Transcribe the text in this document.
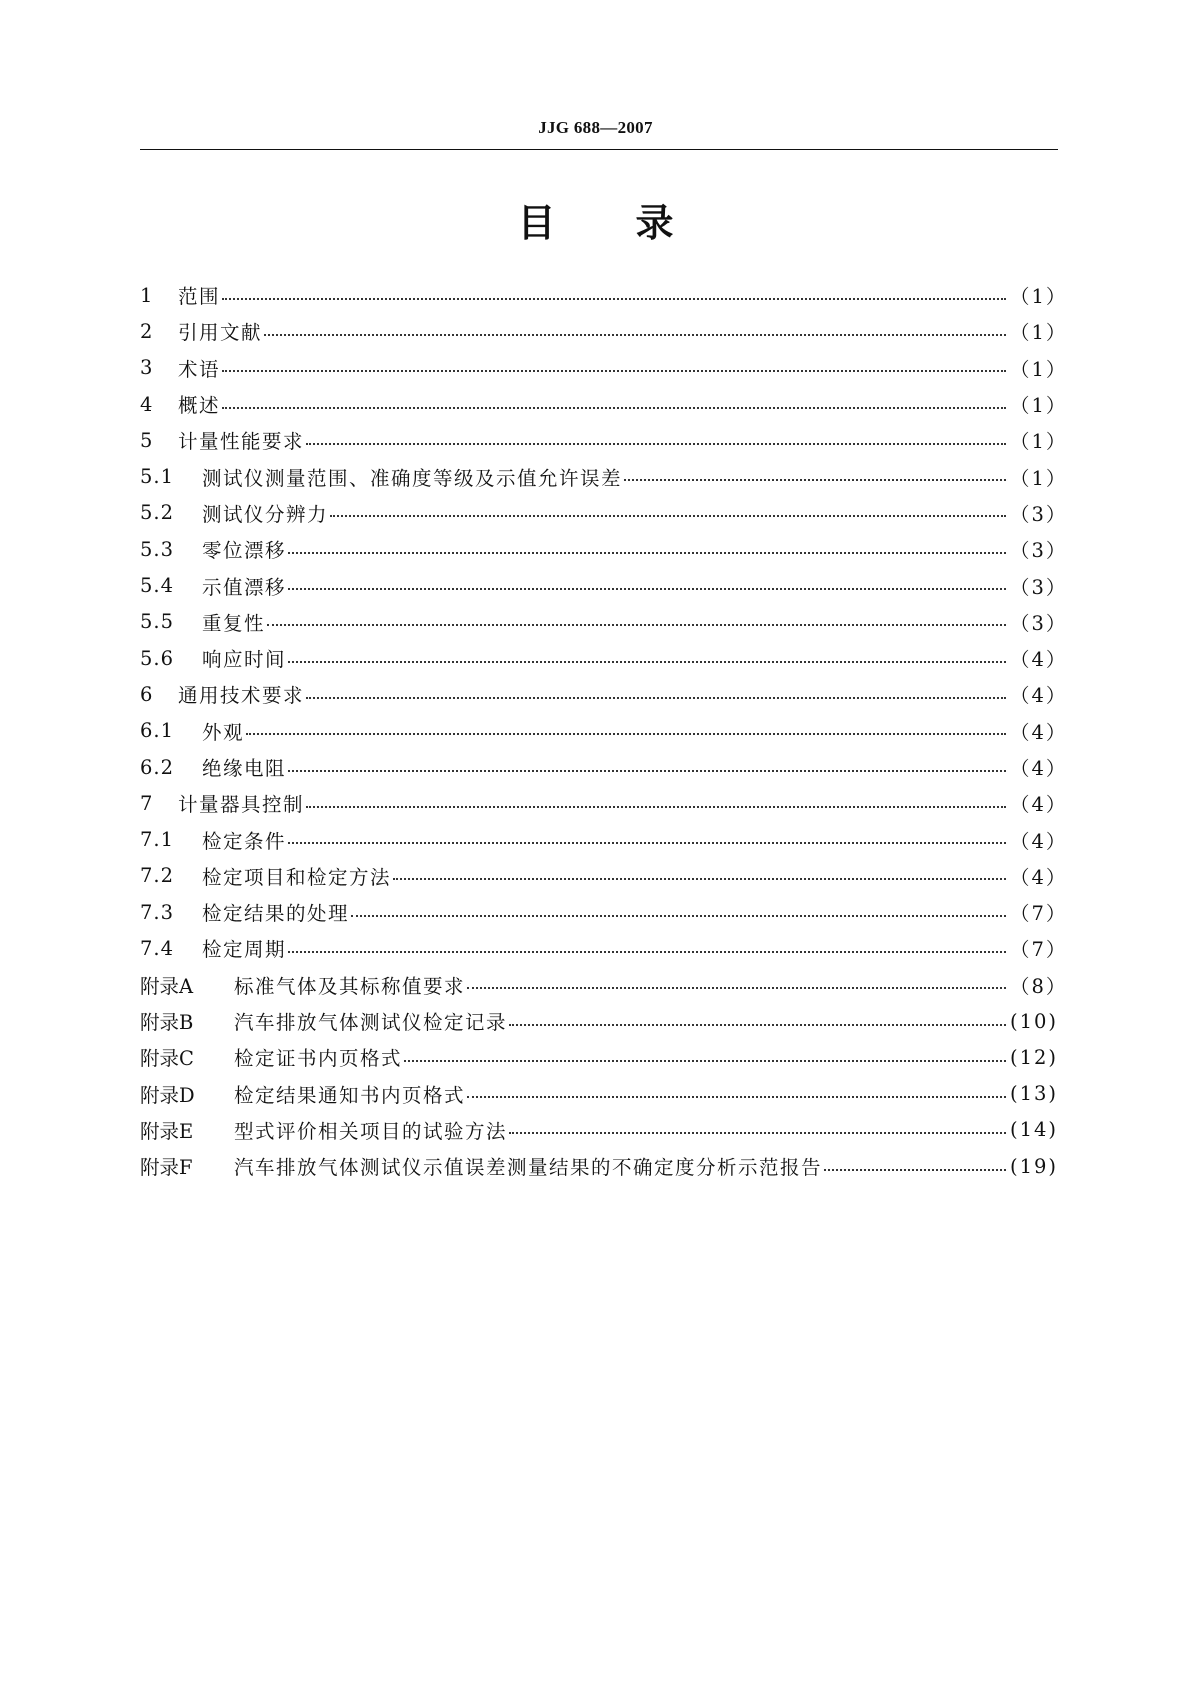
JJG 688—2007
目 录
1	范围	（1）
2	引用文献	（1）
3	术语	（1）
4	概述	（1）
5	计量性能要求	（1）
5.1	测试仪测量范围、准确度等级及示值允许误差	（1）
5.2	测试仪分辨力	（3）
5.3	零位漂移	（3）
5.4	示值漂移	（3）
5.5	重复性	（3）
5.6	响应时间	（4）
6	通用技术要求	（4）
6.1	外观	（4）
6.2	绝缘电阻	（4）
7	计量器具控制	（4）
7.1	检定条件	（4）
7.2	检定项目和检定方法	（4）
7.3	检定结果的处理	（7）
7.4	检定周期	（7）
附录A	标准气体及其标称值要求	（8）
附录B	汽车排放气体测试仪检定记录	(10)
附录C	检定证书内页格式	(12)
附录D	检定结果通知书内页格式	(13)
附录E	型式评价相关项目的试验方法	(14)
附录F	汽车排放气体测试仪示值误差测量结果的不确定度分析示范报告	(19)
